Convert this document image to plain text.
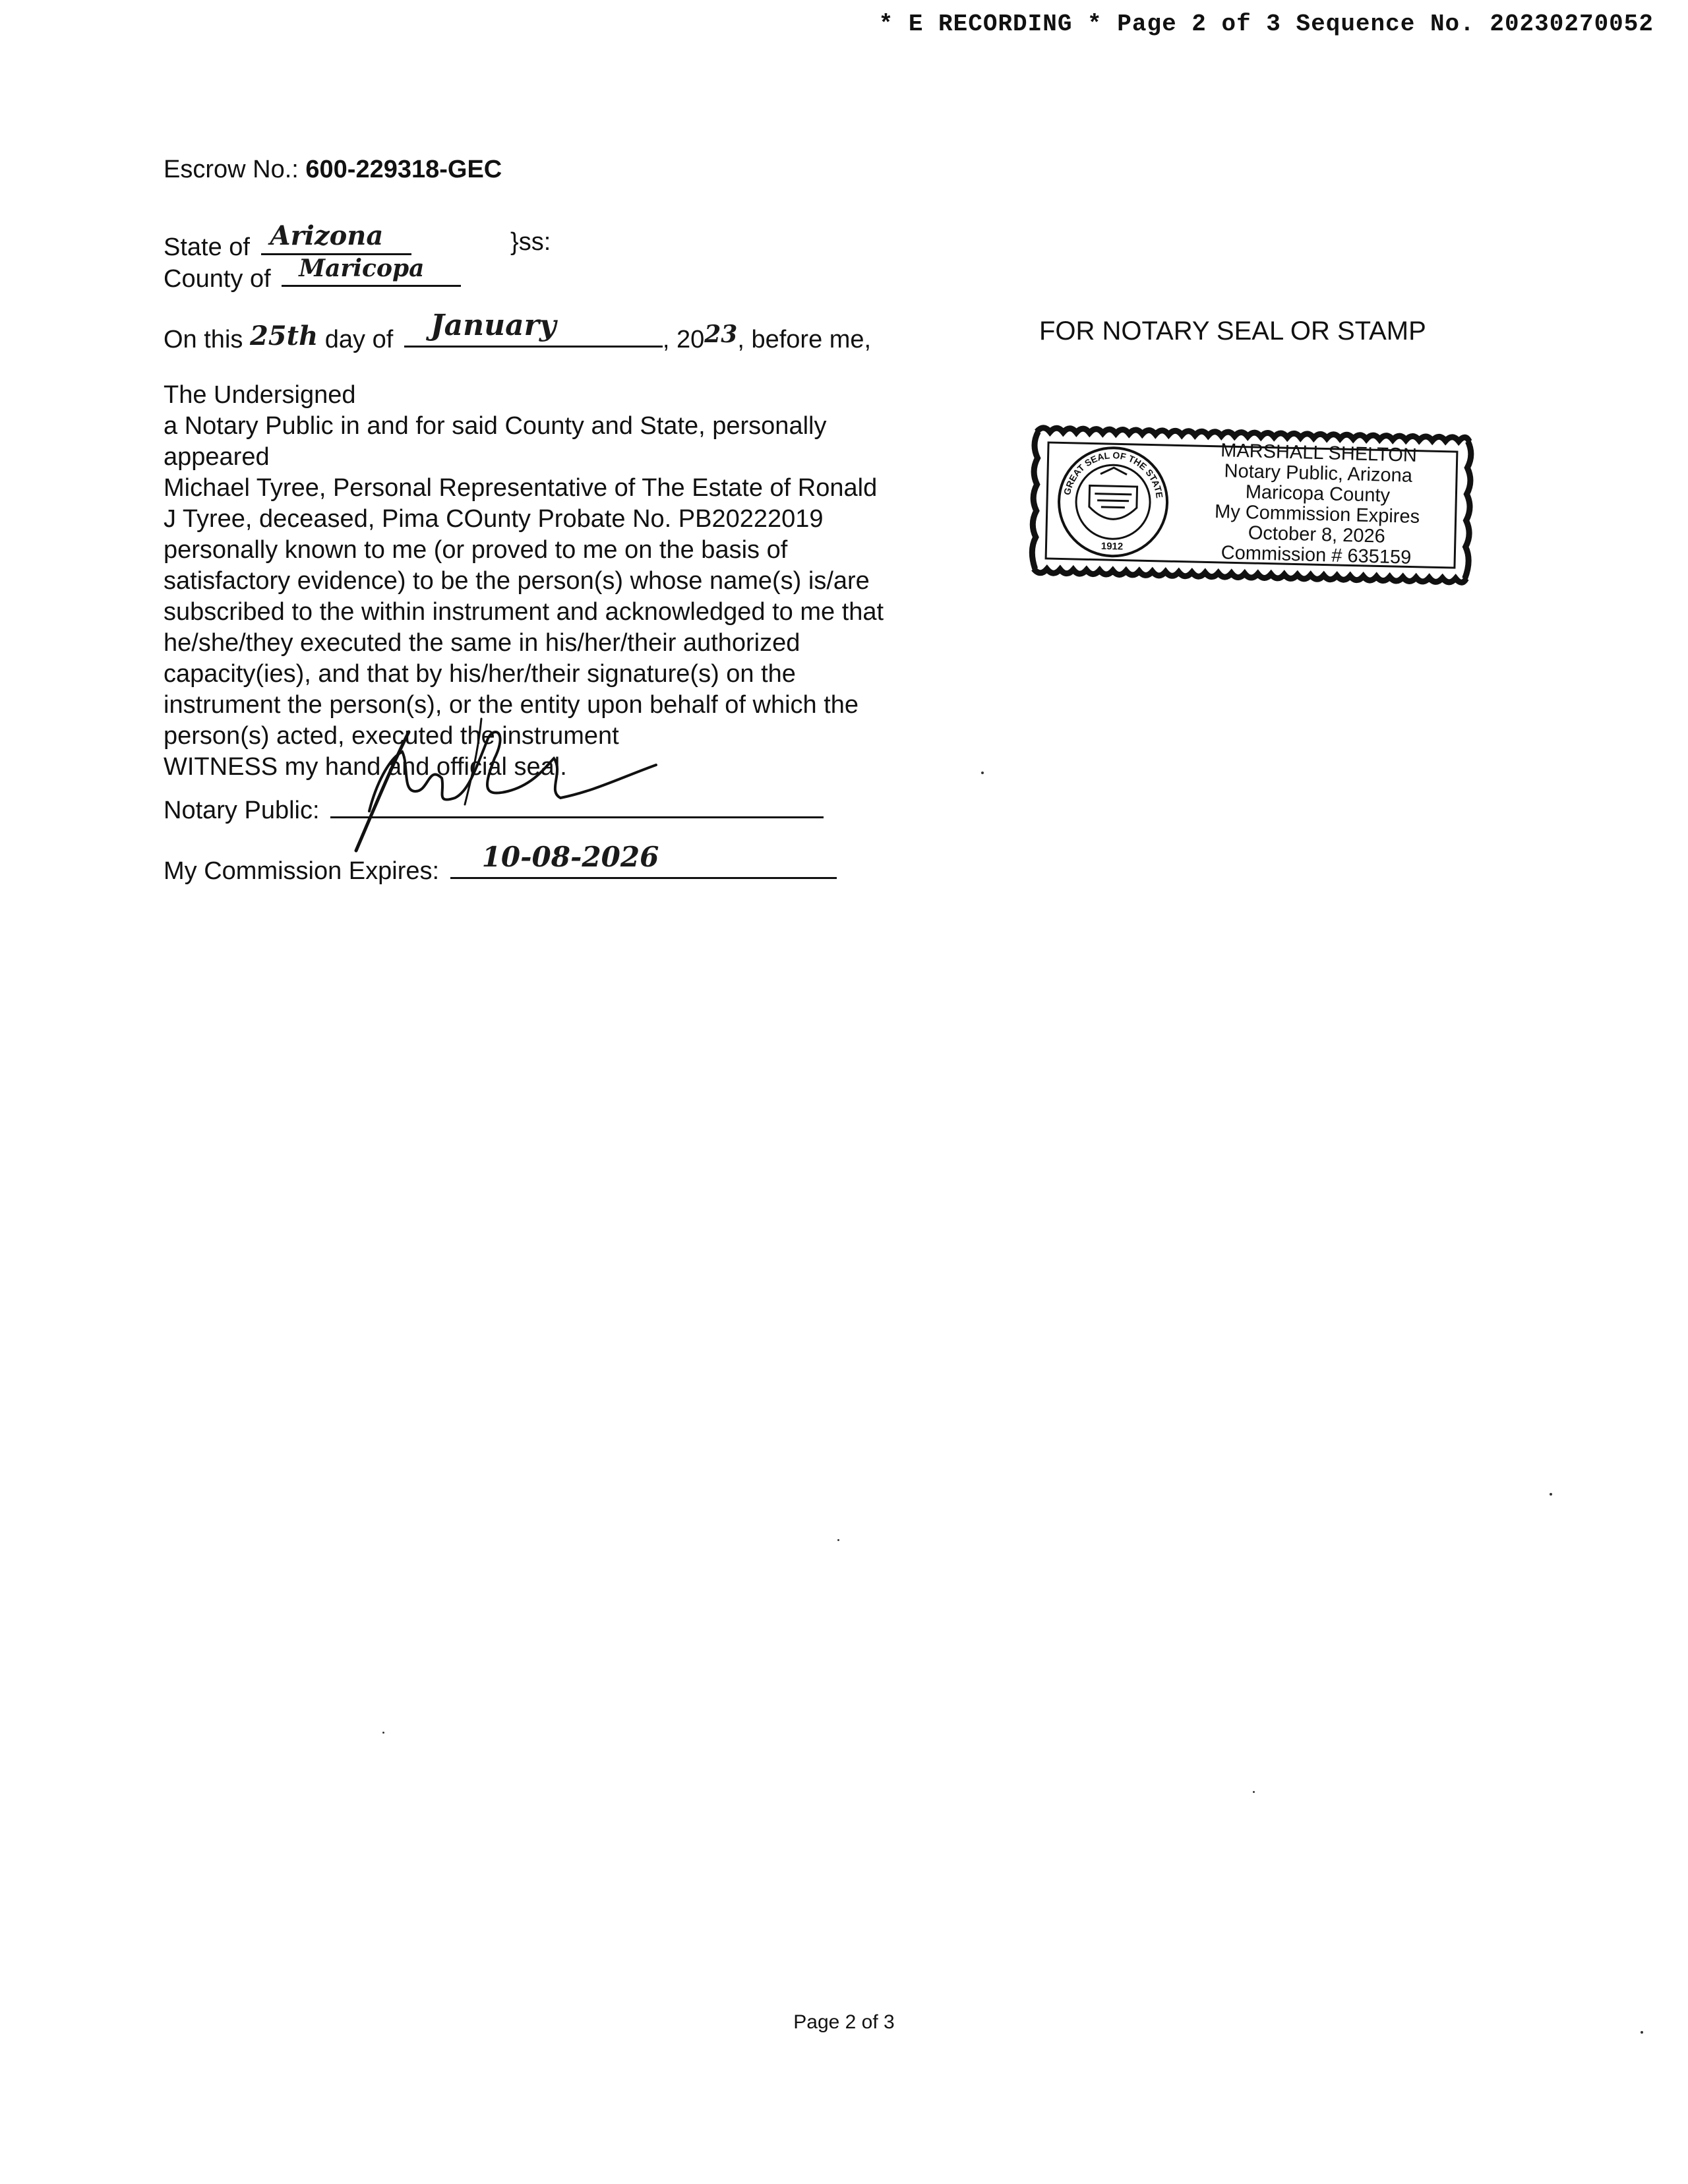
* E RECORDING * Page 2 of 3 Sequence No. 20230270052
Escrow No.: 600-229318-GEC
State of Arizona	}ss:
County of Maricopa
On this 25th day of January	, 2023, before me,
The Undersigned
a Notary Public in and for said County and State, personally
appeared
Michael Tyree, Personal Representative of The Estate of Ronald
J Tyree, deceased, Pima COunty Probate No. PB20222019
personally known to me (or proved to me on the basis of
satisfactory evidence) to be the person(s) whose name(s) is/are
subscribed to the within instrument and acknowledged to me that
he/she/they executed the same in his/her/their authorized
capacity(ies), and that by his/her/their signature(s) on the
instrument the person(s), or the entity upon behalf of which the
person(s) acted, executed the instrument
WITNESS my hand and official seal.
Notary Public:
My Commission Expires: 10-08-2026
FOR NOTARY SEAL OR STAMP
GREAT SEAL OF THE STATE
1912
MARSHALL SHELTON
Notary Public, Arizona
Maricopa County
My Commission Expires
October 8, 2026
Commission # 635159
Page 2 of 3
